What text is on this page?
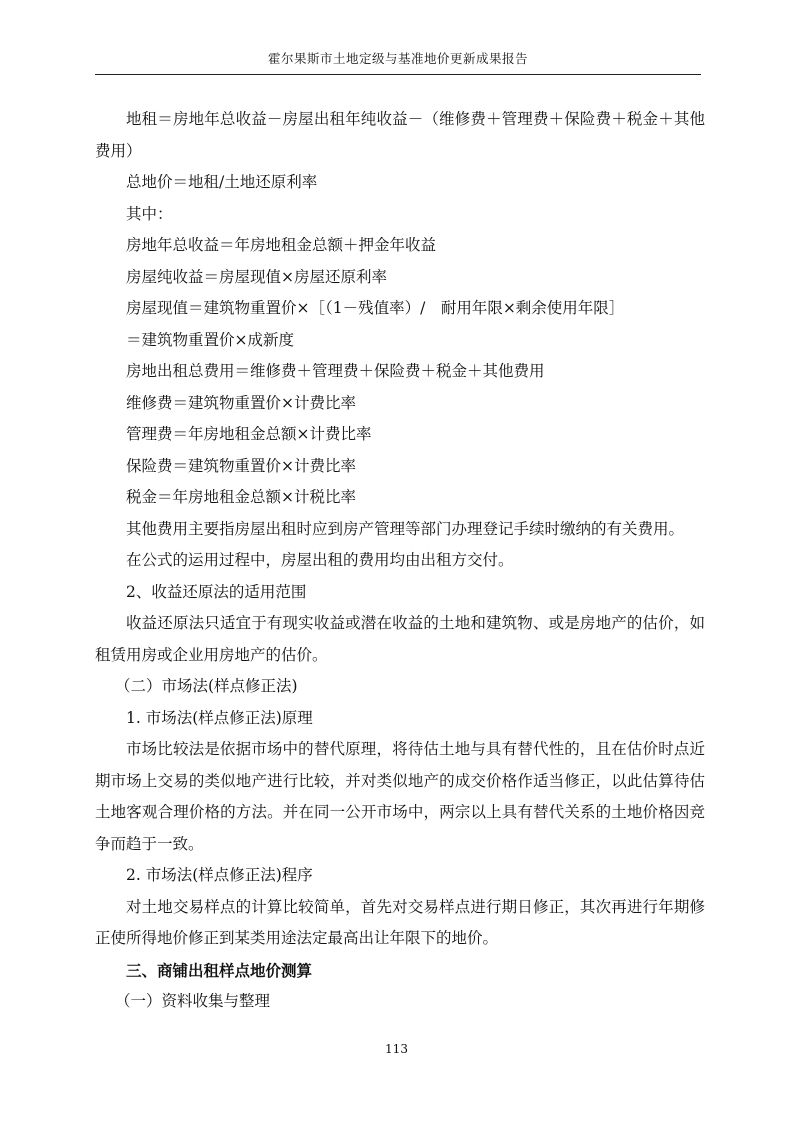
霍尔果斯市土地定级与基准地价更新成果报告

地租＝房地年总收益－房屋出租年纯收益－（维修费＋管理费＋保险费＋税金＋其他费用）

总地价＝地租/土地还原利率

其中：

房地年总收益＝年房地租金总额＋押金年收益

房屋纯收益＝房屋现值×房屋还原利率

房屋现值＝建筑物重置价×［（1－残值率）/　耐用年限×剩余使用年限］

＝建筑物重置价×成新度

房地出租总费用＝维修费＋管理费＋保险费＋税金＋其他费用

维修费＝建筑物重置价×计费比率

管理费＝年房地租金总额×计费比率

保险费＝建筑物重置价×计费比率

税金＝年房地租金总额×计税比率

其他费用主要指房屋出租时应到房产管理等部门办理登记手续时缴纳的有关费用。

在公式的运用过程中，房屋出租的费用均由出租方交付。

2、收益还原法的适用范围

收益还原法只适宜于有现实收益或潜在收益的土地和建筑物、或是房地产的估价，如租赁用房或企业用房地产的估价。

（二）市场法(样点修正法)

1. 市场法(样点修正法)原理

市场比较法是依据市场中的替代原理，将待估土地与具有替代性的，且在估价时点近期市场上交易的类似地产进行比较，并对类似地产的成交价格作适当修正，以此估算待估土地客观合理价格的方法。并在同一公开市场中，两宗以上具有替代关系的土地价格因竞争而趋于一致。

2. 市场法(样点修正法)程序

对土地交易样点的计算比较简单，首先对交易样点进行期日修正，其次再进行年期修正使所得地价修正到某类用途法定最高出让年限下的地价。

三、商铺出租样点地价测算

（一）资料收集与整理

113
